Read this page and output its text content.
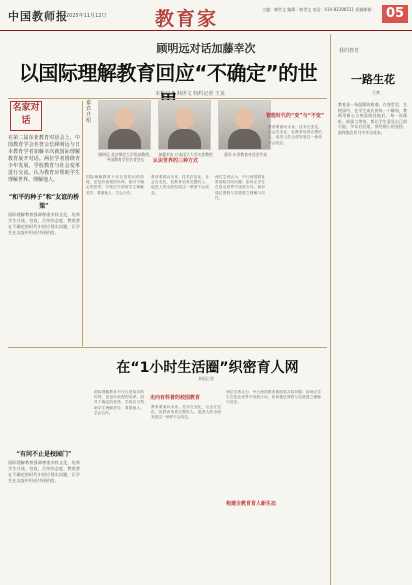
中国教师报
2025年11月12日	教育家	主编：韩世文 编辑：韩世文 电话：010-82296511 投稿邮箱： 05
顾明远对话加藤幸次
以国际理解教育回应“不确定”的世
本报记者 韩世文 特约记者 王龙
名家对话
在第二届东亚教育对话会上，中国教育学会名誉会长顾明远与日本教育学者加藤幸次就国际理解教育展开对话。两位学者围绕青少年发展、学校教育与社会变革进行交流，认为教育应帮助学生理解世界、理解他人。
“和平的种子”和“友谊的桥梁”
国际理解教育强调尊重多样文化，培养学生开放、包容、合作的态度。教育要在不确定的时代中回应现实问题，让学生在交流中形成共同价值。
嘉宾介绍
顾明远 北京师范大学资深教授、中国教育学会名誉会长
加藤幸次 日本国立大学名誉教授	嘉宾 东亚教育对话会代表
认识世界的三种方式
智能时代的“变”与“不变”
国际理解教育不仅仅是知识的传授，更是价值观的培养。面对不确定的世界，学校应当帮助学生理解差异、尊重他人、学会合作。
教育要面向未来。技术在变化，社会在变化，但教育培养完整的人、促进人的全面发展这一使命不会改变。
两位学者认为，中日两国教育都面临共同问题：如何让学生在复杂世界中找到方向，如何通过课程与实践建立理解与信任。
教育要面向未来。技术在变化，社会在变化，但教育培养完整的人、促进人的全面发展这一使命不会改变。
“有问不止是校园门”
国际理解教育强调尊重多样文化，培养学生开放、包容、合作的态度。教育要在不确定的时代中回应现实问题，让学生在交流中形成共同价值。
在“1小时生活圈”织密育人网
本报记者
走向有科普的校园教育
构建全教育育人新生态
国际理解教育不仅仅是知识的传授，更是价值观的培养。面对不确定的世界，学校应当帮助学生理解差异、尊重他人、学会合作。
教育要面向未来。技术在变化，社会在变化，但教育培养完整的人、促进人的全面发展这一使命不会改变。
两位学者认为，中日两国教育都面临共同问题：如何让学生在复杂世界中找到方向，如何通过课程与实践建立理解与信任。
我的教育
一路生花
王欢
教育是一场温暖的相遇。在课堂里，在校园中，在学生成长的每一个瞬间，教师用耐心与热爱陪伴他们。每一次倾听、鼓励与等待，都让学生看见自己的可能。多年后回望，那些细小的坚持，最终都在岁月中开出花来。
